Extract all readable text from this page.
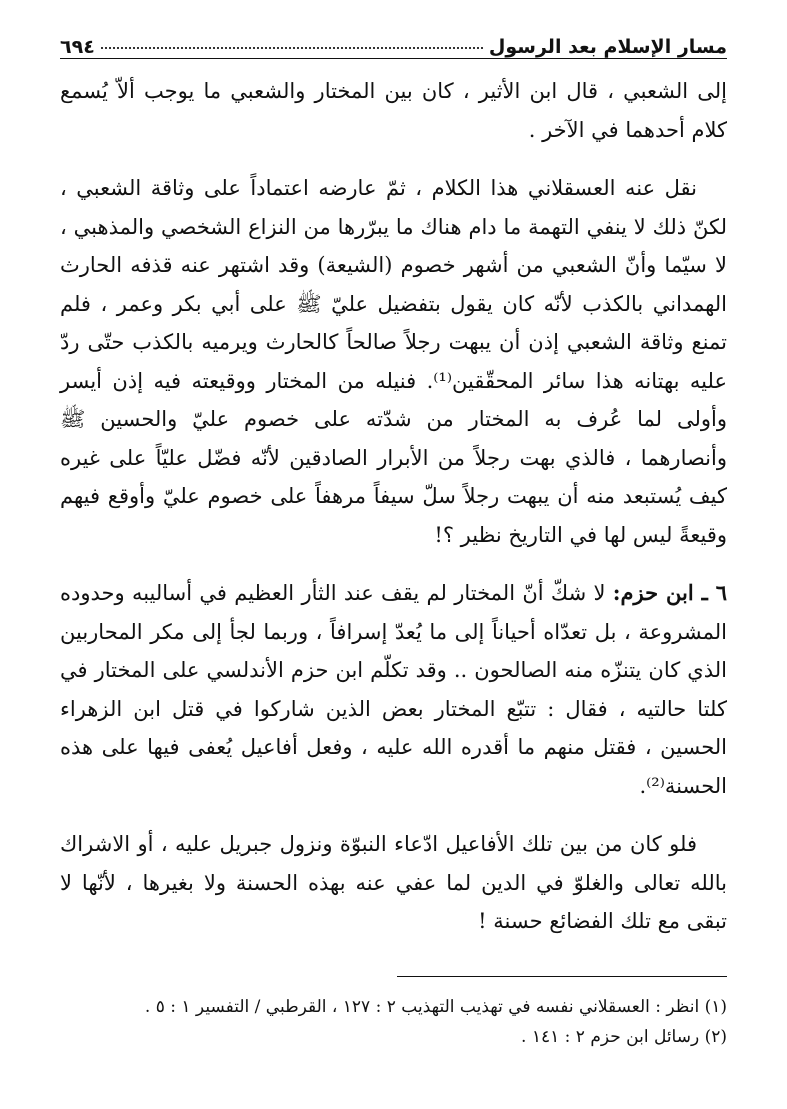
٦٩٤	مسار الإسلام بعد الرسول

إلى الشعبي ، قال ابن الأثير ، كان بين المختار والشعبي ما يوجب ألاّ يُسمع كلام أحدهما في الآخر .

نقل عنه العسقلاني هذا الكلام ، ثمّ عارضه اعتماداً على وثاقة الشعبي ، لكنّ ذلك لا ينفي التهمة ما دام هناك ما يبرّرها من النزاع الشخصي والمذهبي ، لا سيّما وأنّ الشعبي من أشهر خصوم (الشيعة) وقد اشتهر عنه قذفه الحارث الهمداني بالكذب لأنّه كان يقول بتفضيل عليّ ﷺ على أبي بكر وعمر ، فلم تمنع وثاقة الشعبي إذن أن يبهت رجلاً صالحاً كالحارث ويرميه بالكذب حتّى ردّ عليه بهتانه هذا سائر المحقّقين⁽¹⁾. فنيله من المختار ووقيعته فيه إذن أيسر وأولى لما عُرف به المختار من شدّته على خصوم عليّ والحسين ﷺ وأنصارهما ، فالذي بهت رجلاً من الأبرار الصادقين لأنّه فضّل عليّاً على غيره كيف يُستبعد منه أن يبهت رجلاً سلّ سيفاً مرهفاً على خصوم عليّ وأوقع فيهم وقيعةً ليس لها في التاريخ نظير ؟!

٦ ـ ابن حزم: لا شكّ أنّ المختار لم يقف عند الثأر العظيم في أساليبه وحدوده المشروعة ، بل تعدّاه أحياناً إلى ما يُعدّ إسرافاً ، وربما لجأ إلى مكر المحاربين الذي كان يتنزّه منه الصالحون .. وقد تكلّم ابن حزم الأندلسي على المختار في كلتا حالتيه ، فقال : تتبّع المختار بعض الذين شاركوا في قتل ابن الزهراء الحسين ، فقتل منهم ما أقدره الله عليه ، وفعل أفاعيل يُعفى فيها على هذه الحسنة⁽²⁾.

فلو كان من بين تلك الأفاعيل ادّعاء النبوّة ونزول جبريل عليه ، أو الاشراك بالله تعالى والغلوّ في الدين لما عفي عنه بهذه الحسنة ولا بغيرها ، لأنّها لا تبقى مع تلك الفضائع حسنة !

(١) انظر : العسقلاني نفسه في تهذيب التهذيب ٢ : ١٢٧ ، القرطبي / التفسير ١ : ٥ .

(٢) رسائل ابن حزم ٢ : ١٤١ .
